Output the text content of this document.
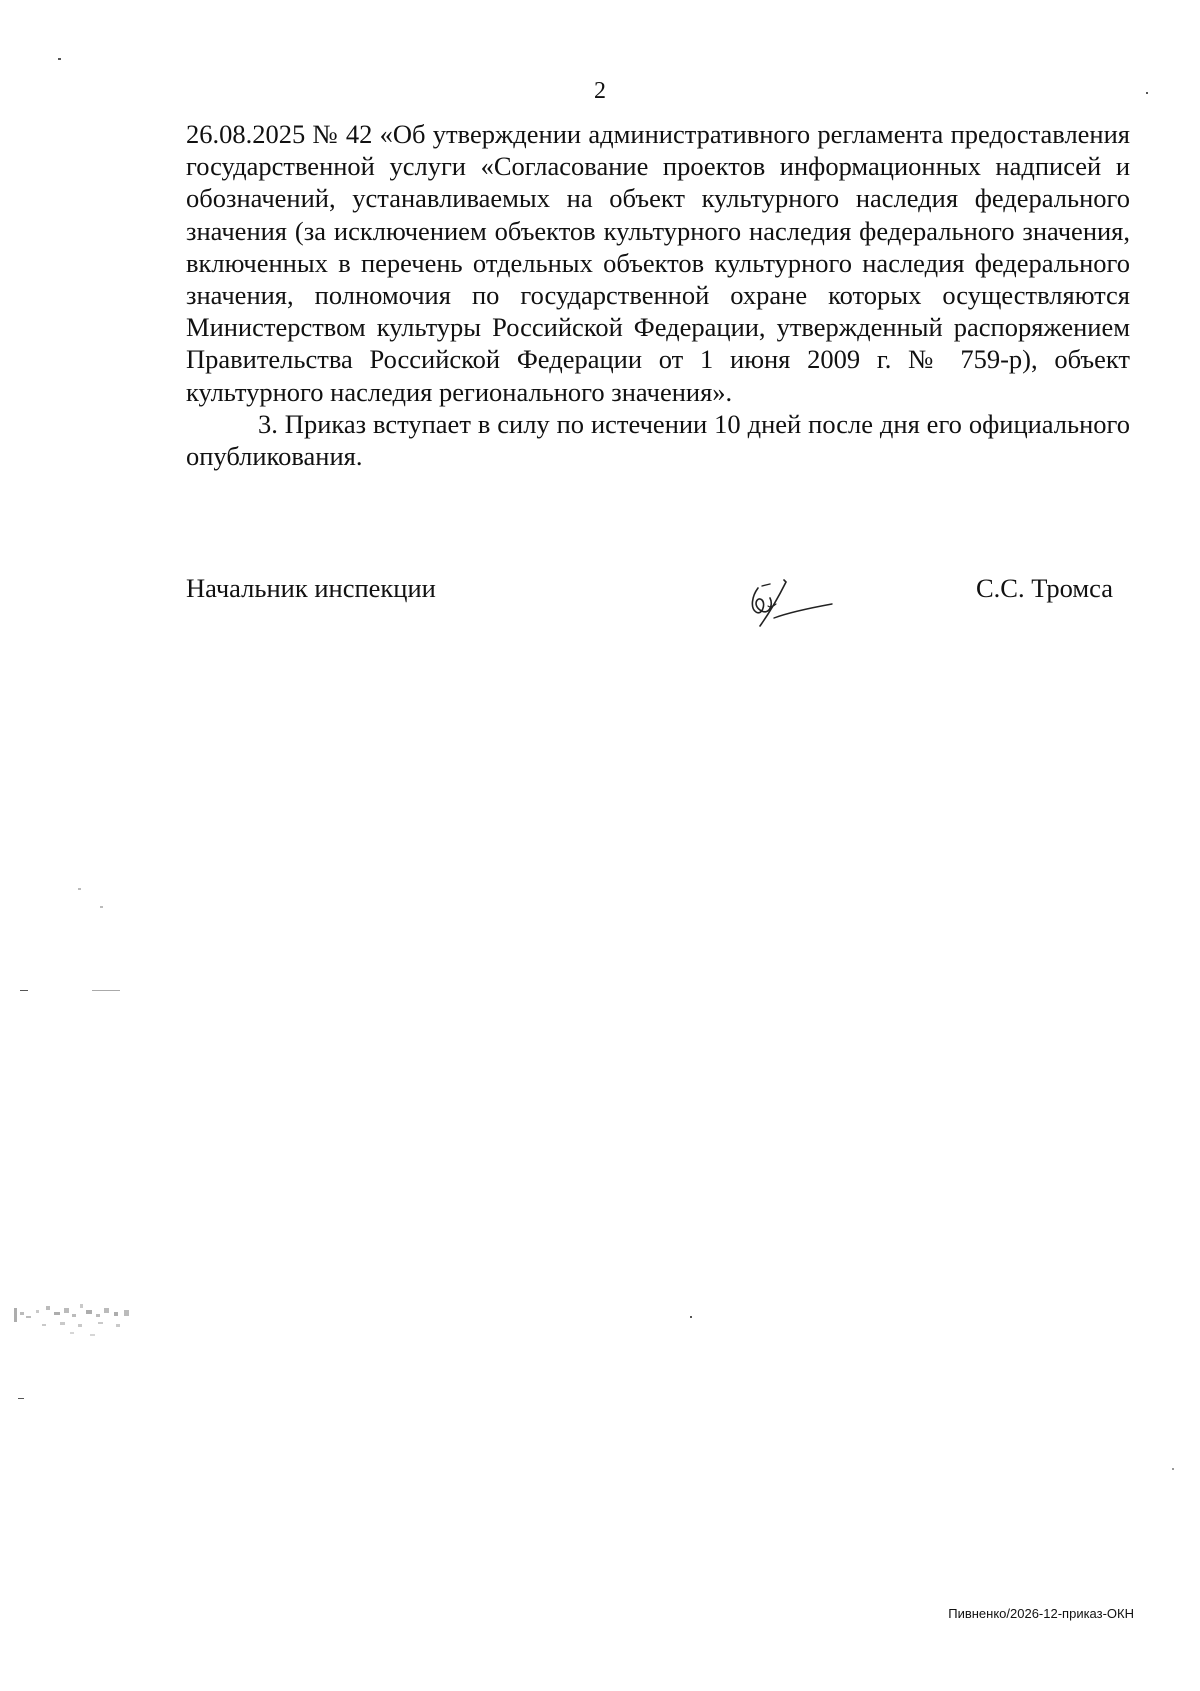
2

26.08.2025 № 42 «Об утверждении административного регламента предоставления государственной услуги «Согласование проектов информационных надписей и обозначений, устанавливаемых на объект культурного наследия федерального значения (за исключением объектов культурного наследия федерального значения, включенных в перечень отдельных объектов культурного наследия федерального значения, полномочия по государственной охране которых осуществляются Министерством культуры Российской Федерации, утвержденный распоряжением Правительства Российской Федерации от 1 июня 2009 г. № 759-р), объект культурного наследия регионального значения».

3. Приказ вступает в силу по истечении 10 дней после дня его официального опубликования.

Начальник инспекции	С.С. Тромса
Пивненко/2026-12-приказ-ОКН
